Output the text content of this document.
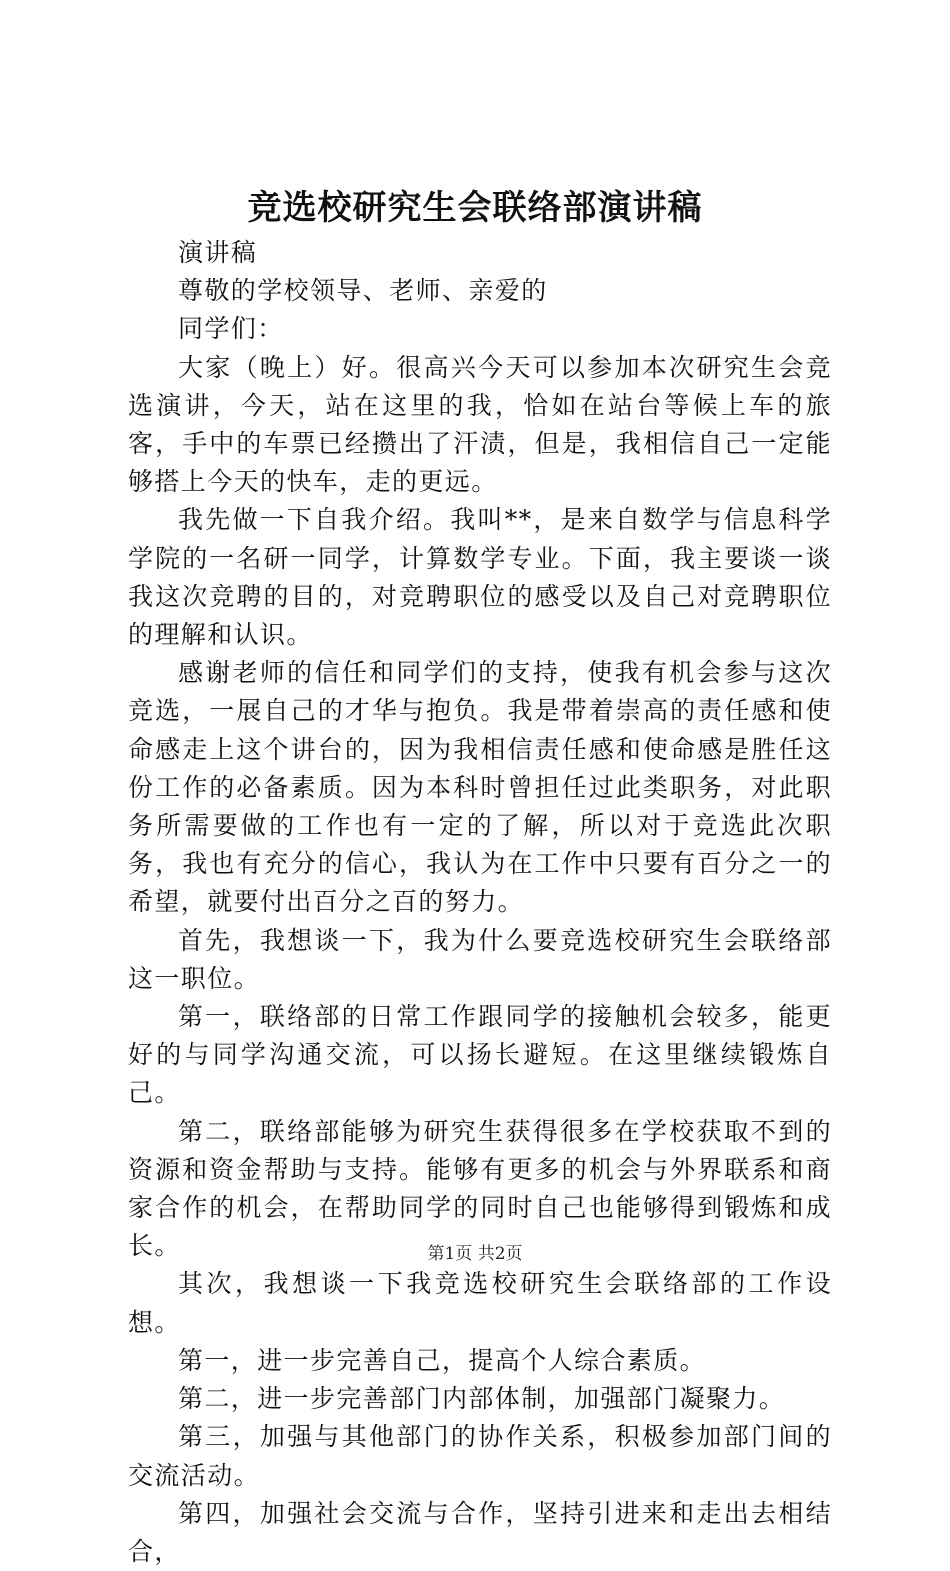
竞选校研究生会联络部演讲稿

演讲稿

尊敬的学校领导、老师、亲爱的

同学们：

大家（晚上）好。很高兴今天可以参加本次研究生会竞选演讲，今天，站在这里的我，恰如在站台等候上车的旅客，手中的车票已经攒出了汗渍，但是，我相信自己一定能够搭上今天的快车，走的更远。

我先做一下自我介绍。我叫**，是来自数学与信息科学学院的一名研一同学，计算数学专业。下面，我主要谈一谈我这次竞聘的目的，对竞聘职位的感受以及自己对竞聘职位的理解和认识。

感谢老师的信任和同学们的支持，使我有机会参与这次竞选，一展自己的才华与抱负。我是带着崇高的责任感和使命感走上这个讲台的，因为我相信责任感和使命感是胜任这份工作的必备素质。因为本科时曾担任过此类职务，对此职务所需要做的工作也有一定的了解，所以对于竞选此次职务，我也有充分的信心，我认为在工作中只要有百分之一的希望，就要付出百分之百的努力。

首先，我想谈一下，我为什么要竞选校研究生会联络部这一职位。

第一，联络部的日常工作跟同学的接触机会较多，能更好的与同学沟通交流，可以扬长避短。在这里继续锻炼自己。

第二，联络部能够为研究生获得很多在学校获取不到的资源和资金帮助与支持。能够有更多的机会与外界联系和商家合作的机会，在帮助同学的同时自己也能够得到锻炼和成长。

其次，我想谈一下我竞选校研究生会联络部的工作设想。

第一，进一步完善自己，提高个人综合素质。

第二，进一步完善部门内部体制，加强部门凝聚力。

第三，加强与其他部门的协作关系，积极参加部门间的交流活动。

第四，加强社会交流与合作，坚持引进来和走出去相结合，

第1页 共2页
